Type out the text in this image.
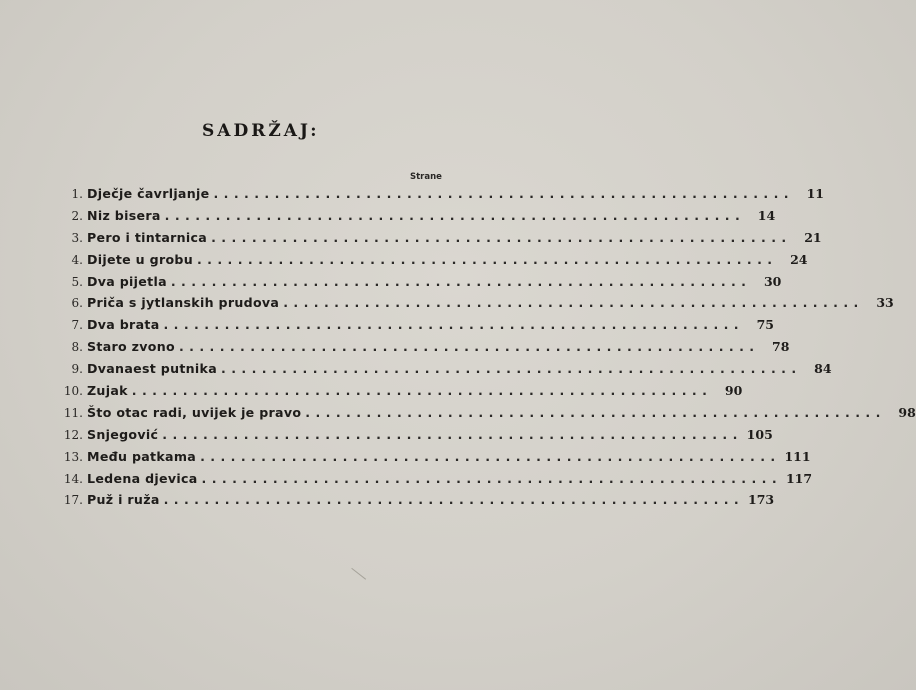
SADRŽAJ:
Strane
1. Dječje čavrljanje .........................................................	11
2. Niz bisera .........................................................	14
3. Pero i tintarnica .........................................................	21
4. Dijete u grobu .........................................................	24
5. Dva pijetla .........................................................	30
6. Priča s jytlanskih prudova .........................................................	33
7. Dva brata .........................................................	75
8. Staro zvono .........................................................	78
9. Dvanaest putnika .........................................................	84
10. Zujak .........................................................	90
11. Što otac radi, uvijek je pravo .........................................................	98
12. Snjegović ......................................................... 105
13. Među patkama ......................................................... 111
14. Ledena djevica ......................................................... 117
17. Puž i ruža ......................................................... 173
